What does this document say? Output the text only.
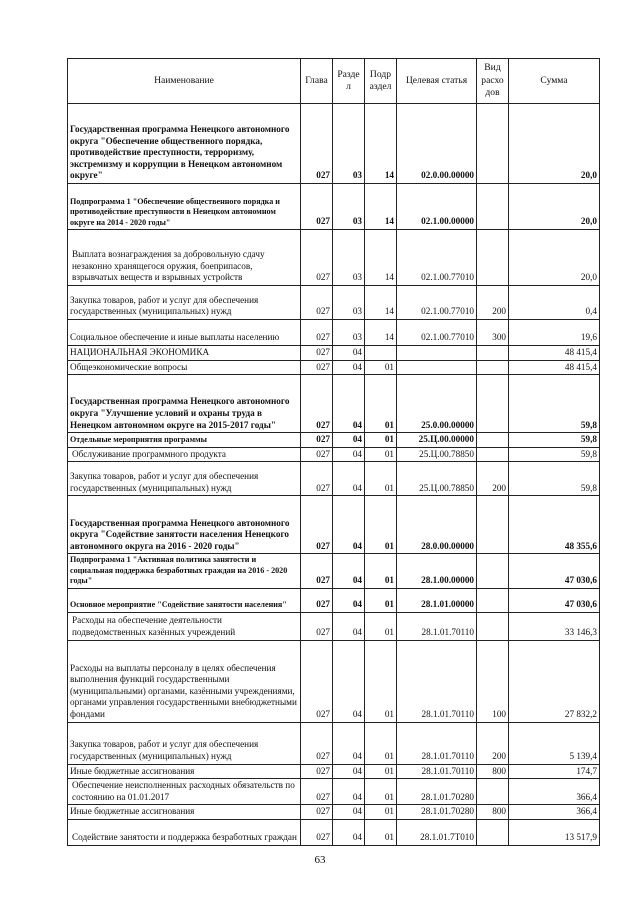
Наименование	Глава	Разде л	Подр аздел	Целевая статья	Вид расхо дов	Сумма
Государственная программа Ненецкого автономного округа "Обеспечение общественного порядка, противодействие преступности, терроризму, экстремизму и коррупции в Ненецком автономном округе"	027	03	14	02.0.00.00000		20,0
Подпрограмма 1 "Обеспечение общественного порядка и противодействие преступности в Ненецком автономном округе на 2014 - 2020 годы"	027	03	14	02.1.00.00000		20,0
Выплата вознаграждения за добровольную сдачу незаконно хранящегося оружия, боеприпасов, взрывчатых веществ и взрывных устройств	027	03	14	02.1.00.77010		20,0
Закупка товаров, работ и услуг для обеспечения государственных (муниципальных) нужд	027	03	14	02.1.00.77010	200	0,4
Социальное обеспечение и иные выплаты населению	027	03	14	02.1.00.77010	300	19,6
НАЦИОНАЛЬНАЯ ЭКОНОМИКА	027	04				48 415,4
Общеэкономические вопросы	027	04	01			48 415,4
Государственная программа Ненецкого автономного округа "Улучшение условий и охраны труда в Ненецком автономном округе на 2015-2017 годы"	027	04	01	25.0.00.00000		59,8
Отдельные мероприятия программы	027	04	01	25.Ц.00.00000		59,8
Обслуживание программного продукта	027	04	01	25.Ц.00.78850		59,8
Закупка товаров, работ и услуг для обеспечения государственных (муниципальных) нужд	027	04	01	25.Ц.00.78850	200	59,8
Государственная программа Ненецкого автономного округа "Содействие занятости населения Ненецкого автономного округа на 2016 - 2020 годы"	027	04	01	28.0.00.00000		48 355,6
Подпрограмма 1 "Активная политика занятости и социальная поддержка безработных граждан на 2016 - 2020 годы"	027	04	01	28.1.00.00000		47 030,6
Основное мероприятие "Содействие занятости населения"	027	04	01	28.1.01.00000		47 030,6
Расходы на обеспечение деятельности подведомственных казённых учреждений	027	04	01	28.1.01.70110		33 146,3
Расходы на выплаты персоналу в целях обеспечения выполнения функций государственными (муниципальными) органами, казёнными учреждениями, органами управления государственными внебюджетными фондами	027	04	01	28.1.01.70110	100	27 832,2
Закупка товаров, работ и услуг для обеспечения государственных (муниципальных) нужд	027	04	01	28.1.01.70110	200	5 139,4
Иные бюджетные ассигнования	027	04	01	28.1.01.70110	800	174,7
Обеспечение неисполненных расходных обязательств по состоянию на 01.01.2017	027	04	01	28.1.01.70280		366,4
Иные бюджетные ассигнования	027	04	01	28.1.01.70280	800	366,4
Содействие занятости и поддержка безработных граждан	027	04	01	28.1.01.7Т010		13 517,9
63
